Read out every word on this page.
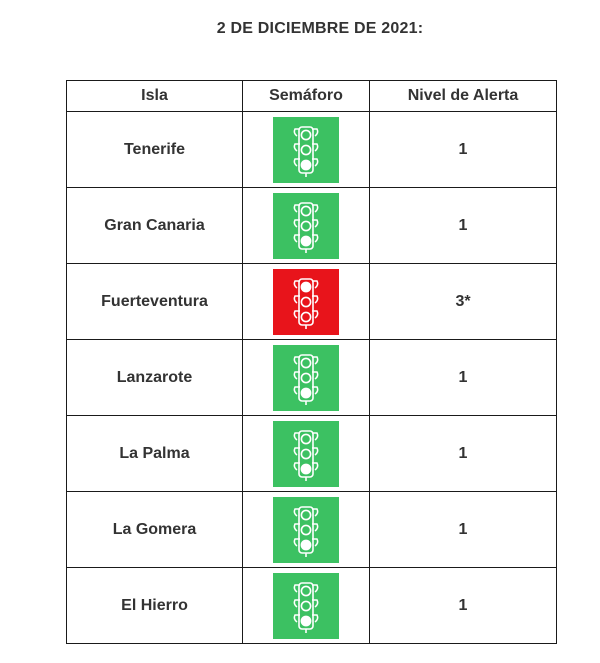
2 DE DICIEMBRE DE 2021:
Isla	Semáforo	Nivel de Alerta
Tenerife		1
Gran Canaria		1
Fuerteventura		3*
Lanzarote		1
La Palma		1
La Gomera		1
El Hierro		1
